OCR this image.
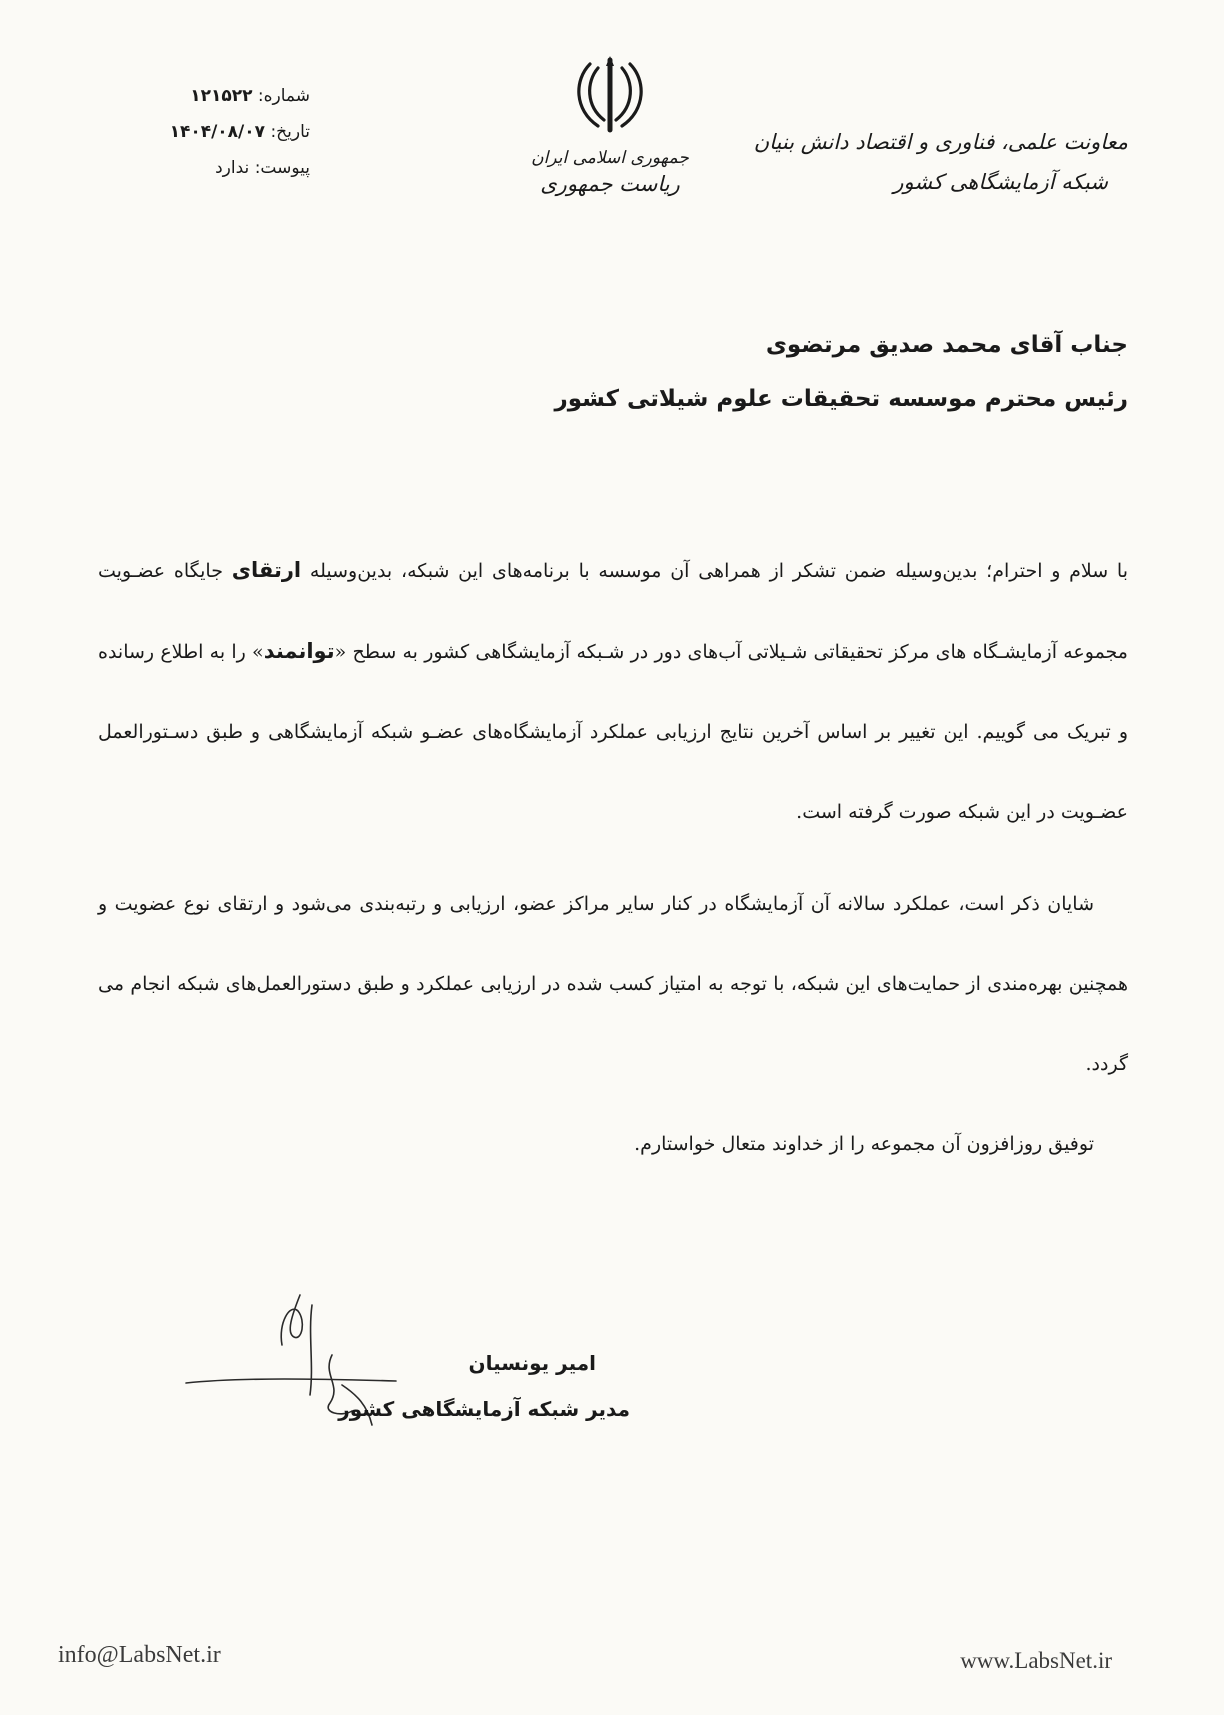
معاونت علمی، فناوری و اقتصاد دانش بنیان
شبکه آزمایشگاهی کشور
جمهوری اسلامی ایران
ریاست جمهوری
شماره: ۱۲۱۵۲۲
تاریخ: ۱۴۰۴/۰۸/۰۷
پیوست: ندارد
جناب آقای محمد صدیق مرتضوی
رئیس محترم موسسه تحقیقات علوم شیلاتی کشور

با سلام و احترام؛ بدین‌وسیله ضمن تشکر از همراهی آن موسسه با برنامه‌های این شبکه، بدین‌وسیله ارتقای جایگاه عضـویت مجموعه آزمایشـگاه های مرکز تحقیقاتی شـیلاتی آب‌های دور در شـبکه آزمایشگاهی کشور به سطح «توانمند» را به اطلاع رسانده و تبریک می گوییم. این تغییر بر اساس آخرین نتایج ارزیابی عملکرد آزمایشگاه‌های عضـو شبکه آزمایشگاهی و طبق دسـتورالعمل عضـویت در این شبکه صورت گرفته است.

شایان ذکر است، عملکرد سالانه آن آزمایشگاه در کنار سایر مراکز عضو، ارزیابی و رتبه‌بندی می‌شود و ارتقای نوع عضویت و همچنین بهره‌مندی از حمایت‌های این شبکه، با توجه به امتیاز کسب شده در ارزیابی عملکرد و طبق دستورالعمل‌های شبکه انجام می گردد.

توفیق روزافزون آن مجموعه را از خداوند متعال خواستارم.

امیر یونسیان
مدیر شبکه آزمایشگاهی کشور
info@LabsNet.ir	www.LabsNet.ir
